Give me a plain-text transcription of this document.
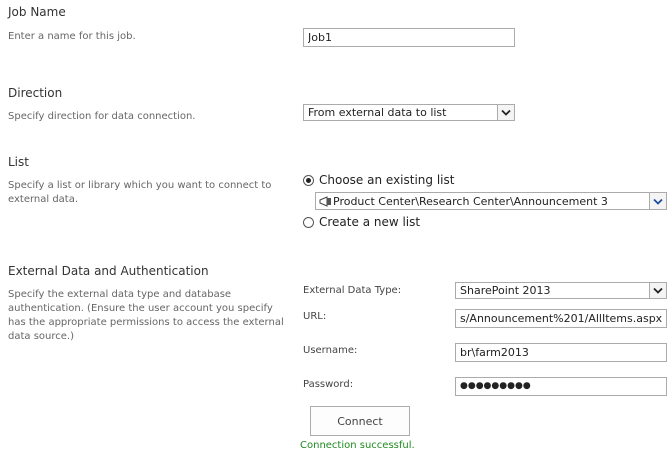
Job Name
Enter a name for this job.
Job1
Direction
Specify direction for data connection.	From external data to list
List
Specify a list or library which you want to connect to
external data.
Choose an existing list
Product Center\Research Center\Announcement 3
Create a new list
External Data and Authentication
Specify the external data type and database
authentication. (Ensure the user account you specify
has the appropriate permissions to access the external
data source.)
External Data Type:	SharePoint 2013
URL:
s/Announcement%201/AllItems.aspx
Username:
br\farm2013
Password:	●●●●●●●●●
Connect
Connection successful.
